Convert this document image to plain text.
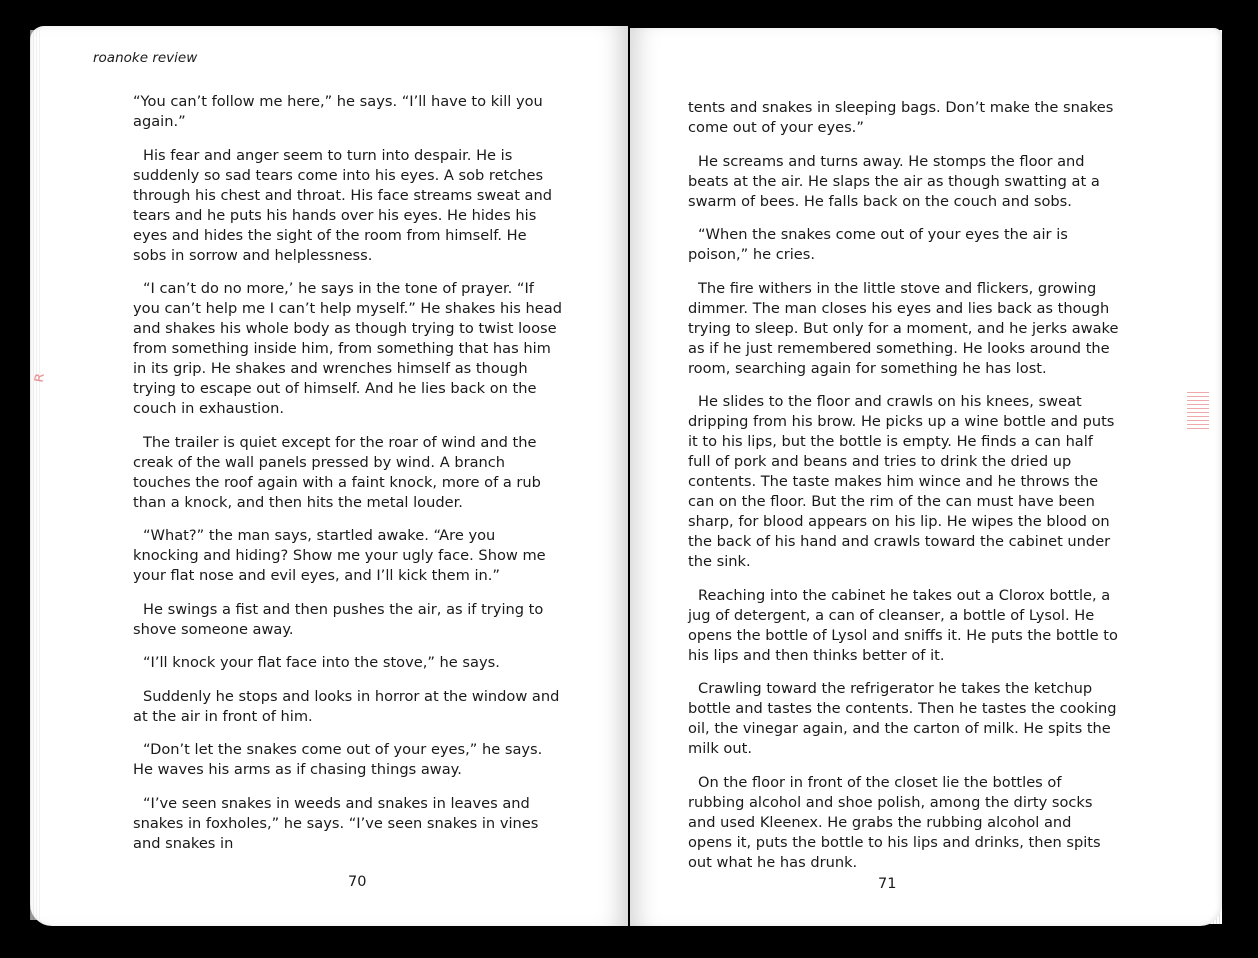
roanoke review

“You can’t follow me here,” he says. “I’ll have to kill you again.”

His fear and anger seem to turn into despair. He is suddenly so sad tears come into his eyes. A sob retches through his chest and throat. His face streams sweat and tears and he puts his hands over his eyes. He hides his eyes and hides the sight of the room from himself. He sobs in sorrow and helplessness.

“I can’t do no more,’ he says in the tone of prayer. “If you can’t help me I can’t help myself.” He shakes his head and shakes his whole body as though trying to twist loose from something inside him, from something that has him in its grip. He shakes and wrenches himself as though trying to escape out of himself. And he lies back on the couch in exhaustion.

The trailer is quiet except for the roar of wind and the creak of the wall panels pressed by wind. A branch touches the roof again with a faint knock, more of a rub than a knock, and then hits the metal louder.

“What?” the man says, startled awake. “Are you knocking and hiding? Show me your ugly face. Show me your flat nose and evil eyes, and I’ll kick them in.”

He swings a fist and then pushes the air, as if trying to shove someone away.

“I’ll knock your flat face into the stove,” he says.

Suddenly he stops and looks in horror at the window and at the air in front of him.

“Don’t let the snakes come out of your eyes,” he says. He waves his arms as if chasing things away.

“I’ve seen snakes in weeds and snakes in leaves and snakes in foxholes,” he says. “I’ve seen snakes in vines and snakes in

70
ʀ

tents and snakes in sleeping bags. Don’t make the snakes come out of your eyes.”

He screams and turns away. He stomps the floor and beats at the air. He slaps the air as though swatting at a swarm of bees. He falls back on the couch and sobs.

“When the snakes come out of your eyes the air is poison,” he cries.

The fire withers in the little stove and flickers, growing dimmer. The man closes his eyes and lies back as though trying to sleep. But only for a moment, and he jerks awake as if he just remembered something. He looks around the room, searching again for something he has lost.

He slides to the floor and crawls on his knees, sweat dripping from his brow. He picks up a wine bottle and puts it to his lips, but the bottle is empty. He finds a can half full of pork and beans and tries to drink the dried up contents. The taste makes him wince and he throws the can on the floor. But the rim of the can must have been sharp, for blood appears on his lip. He wipes the blood on the back of his hand and crawls toward the cabinet under the sink.

Reaching into the cabinet he takes out a Clorox bottle, a jug of detergent, a can of cleanser, a bottle of Lysol. He opens the bottle of Lysol and sniffs it. He puts the bottle to his lips and then thinks better of it.

Crawling toward the refrigerator he takes the ketchup bottle and tastes the contents. Then he tastes the cooking oil, the vinegar again, and the carton of milk. He spits the milk out.

On the floor in front of the closet lie the bottles of rubbing alcohol and shoe polish, among the dirty socks and used Kleenex. He grabs the rubbing alcohol and opens it, puts the bottle to his lips and drinks, then spits out what he has drunk.

71
